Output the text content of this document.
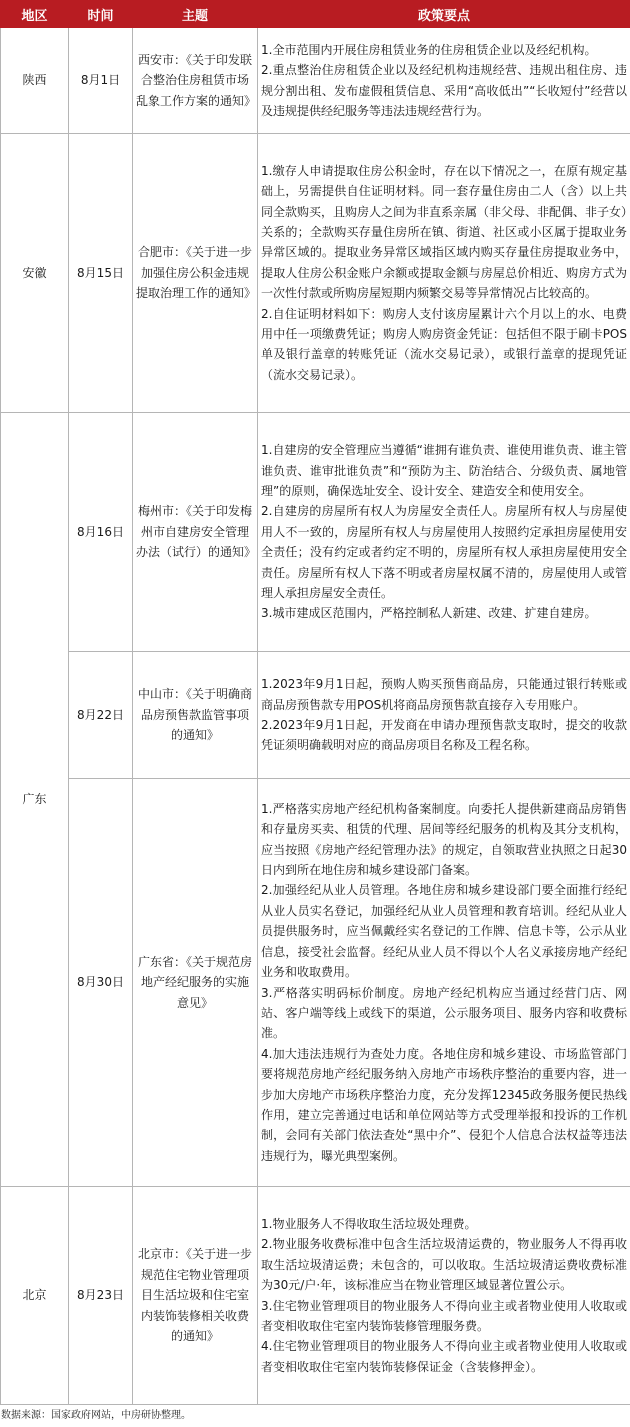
地区	时间	主题	政策要点
陕西	8月1日	西安市：《关于印发联合整治住房租赁市场乱象工作方案的通知》	1.全市范围内开展住房租赁业务的住房租赁企业以及经纪机构。

2.重点整治住房租赁企业以及经纪机构违规经营、违规出租住房、违规分割出租、发布虚假租赁信息、采用“高收低出”“长收短付”经营以及违规提供经纪服务等违法违规经营行为。

安徽	8月15日	合肥市：《关于进一步加强住房公积金违规提取治理工作的通知》	1.缴存人申请提取住房公积金时，存在以下情况之一，在原有规定基础上，另需提供自住证明材料。同一套存量住房由二人（含）以上共同全款购买，且购房人之间为非直系亲属（非父母、非配偶、非子女）关系的；全款购买存量住房所在镇、街道、社区或小区属于提取业务异常区域的。提取业务异常区域指区域内购买存量住房提取业务中，提取人住房公积金账户余额或提取金额与房屋总价相近、购房方式为一次性付款或所购房屋短期内频繁交易等异常情况占比较高的。

2.自住证明材料如下：购房人支付该房屋累计六个月以上的水、电费用中任一项缴费凭证；购房人购房资金凭证：包括但不限于刷卡POS单及银行盖章的转账凭证（流水交易记录），或银行盖章的提现凭证（流水交易记录）。

广东	8月16日	梅州市：《关于印发梅州市自建房安全管理办法（试行）的通知》	1.自建房的安全管理应当遵循“谁拥有谁负责、谁使用谁负责、谁主管谁负责、谁审批谁负责”和“预防为主、防治结合、分级负责、属地管理”的原则，确保选址安全、设计安全、建造安全和使用安全。

2.自建房的房屋所有权人为房屋安全责任人。房屋所有权人与房屋使用人不一致的，房屋所有权人与房屋使用人按照约定承担房屋使用安全责任；没有约定或者约定不明的，房屋所有权人承担房屋使用安全责任。房屋所有权人下落不明或者房屋权属不清的，房屋使用人或管理人承担房屋安全责任。

3.城市建成区范围内，严格控制私人新建、改建、扩建自建房。

	8月22日	中山市：《关于明确商品房预售款监管事项的通知》	1.2023年9月1日起，预购人购买预售商品房，只能通过银行转账或商品房预售款专用POS机将商品房预售款直接存入专用账户。

2.2023年9月1日起，开发商在申请办理预售款支取时，提交的收款凭证须明确载明对应的商品房项目名称及工程名称。

	8月30日	广东省：《关于规范房地产经纪服务的实施意见》	1.严格落实房地产经纪机构备案制度。向委托人提供新建商品房销售和存量房买卖、租赁的代理、居间等经纪服务的机构及其分支机构，应当按照《房地产经纪管理办法》的规定，自领取营业执照之日起30日内到所在地住房和城乡建设部门备案。

2.加强经纪从业人员管理。各地住房和城乡建设部门要全面推行经纪从业人员实名登记，加强经纪从业人员管理和教育培训。经纪从业人员提供服务时，应当佩戴经实名登记的工作牌、信息卡等，公示从业信息，接受社会监督。经纪从业人员不得以个人名义承接房地产经纪业务和收取费用。

3.严格落实明码标价制度。房地产经纪机构应当通过经营门店、网站、客户端等线上或线下的渠道，公示服务项目、服务内容和收费标准。

4.加大违法违规行为查处力度。各地住房和城乡建设、市场监管部门要将规范房地产经纪服务纳入房地产市场秩序整治的重要内容，进一步加大房地产市场秩序整治力度，充分发挥12345政务服务便民热线作用，建立完善通过电话和单位网站等方式受理举报和投诉的工作机制，会同有关部门依法查处“黑中介”、侵犯个人信息合法权益等违法违规行为，曝光典型案例。

北京	8月23日	北京市：《关于进一步规范住宅物业管理项目生活垃圾和住宅室内装饰装修相关收费的通知》	1.物业服务人不得收取生活垃圾处理费。

2.物业服务收费标准中包含生活垃圾清运费的，物业服务人不得再收取生活垃圾清运费；未包含的，可以收取。生活垃圾清运费收费标准为30元/户·年，该标准应当在物业管理区域显著位置公示。

3.住宅物业管理项目的物业服务人不得向业主或者物业使用人收取或者变相收取住宅室内装饰装修管理服务费。

4.住宅物业管理项目的物业服务人不得向业主或者物业使用人收取或者变相收取住宅室内装饰装修保证金（含装修押金）。

数据来源：国家政府网站，中房研协整理。
